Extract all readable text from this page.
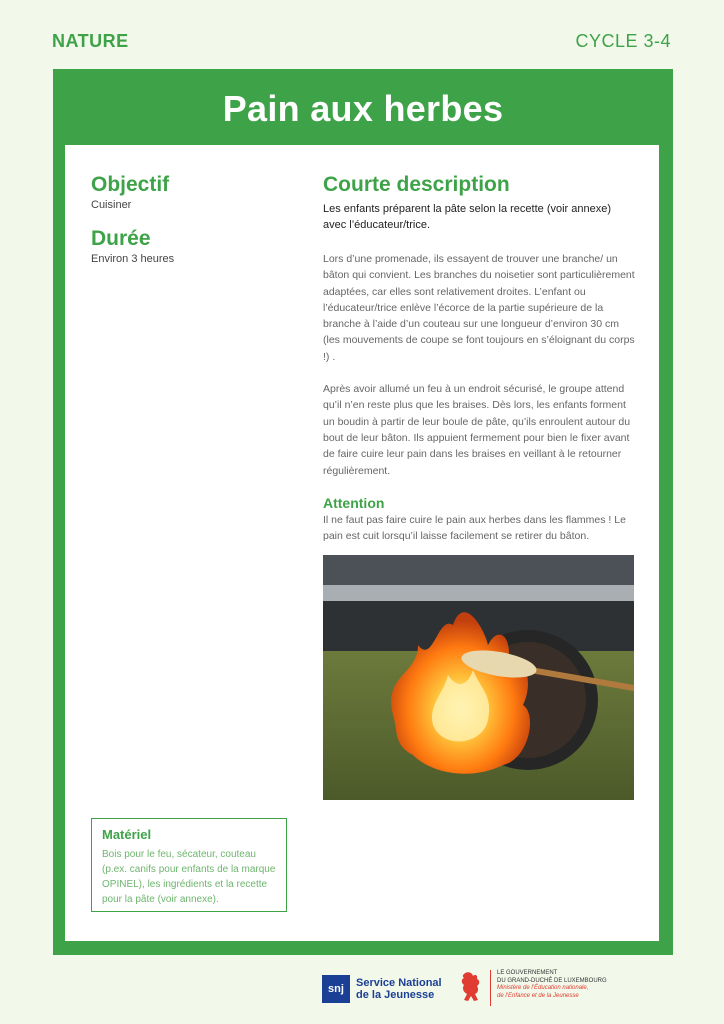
NATURE	CYCLE 3-4
Pain aux herbes
Objectif
Cuisiner
Durée
Environ 3 heures
Courte description
Les enfants préparent la pâte selon la recette (voir annexe) avec l’éducateur/trice.

Lors d’une promenade, ils essayent de trouver une branche/ un bâton qui convient. Les branches du noisetier sont particulièrement adaptées, car elles sont relativement droites. L’enfant ou l’éducateur/trice enlève l’écorce de la partie supérieure de la branche à l’aide d’un couteau sur une longueur d’environ 30 cm (les mouvements de coupe se font toujours en s’éloignant du corps !) .

Après avoir allumé un feu à un endroit sécurisé, le groupe attend qu’il n’en reste plus que les braises. Dès lors, les enfants forment un boudin à partir de leur boule de pâte, qu’ils enroulent autour du bout de leur bâton. Ils appuient fermement pour bien le fixer avant de faire cuire leur pain dans les braises en veillant à le retourner régulièrement.

Attention
Il ne faut pas faire cuire le pain aux herbes dans les flammes ! Le pain est cuit lorsqu’il laisse facilement se retirer du bâton.
Matériel

Bois pour le feu, sécateur, couteau (p.ex. canifs pour enfants de la marque OPINEL), les ingrédients et la recette pour la pâte (voir annexe).

snj	Service National
de la Jeunesse
LE GOUVERNEMENT
DU GRAND-DUCHÉ DE LUXEMBOURG
Ministère de l’Éducation nationale,
de l’Enfance et de la Jeunesse
